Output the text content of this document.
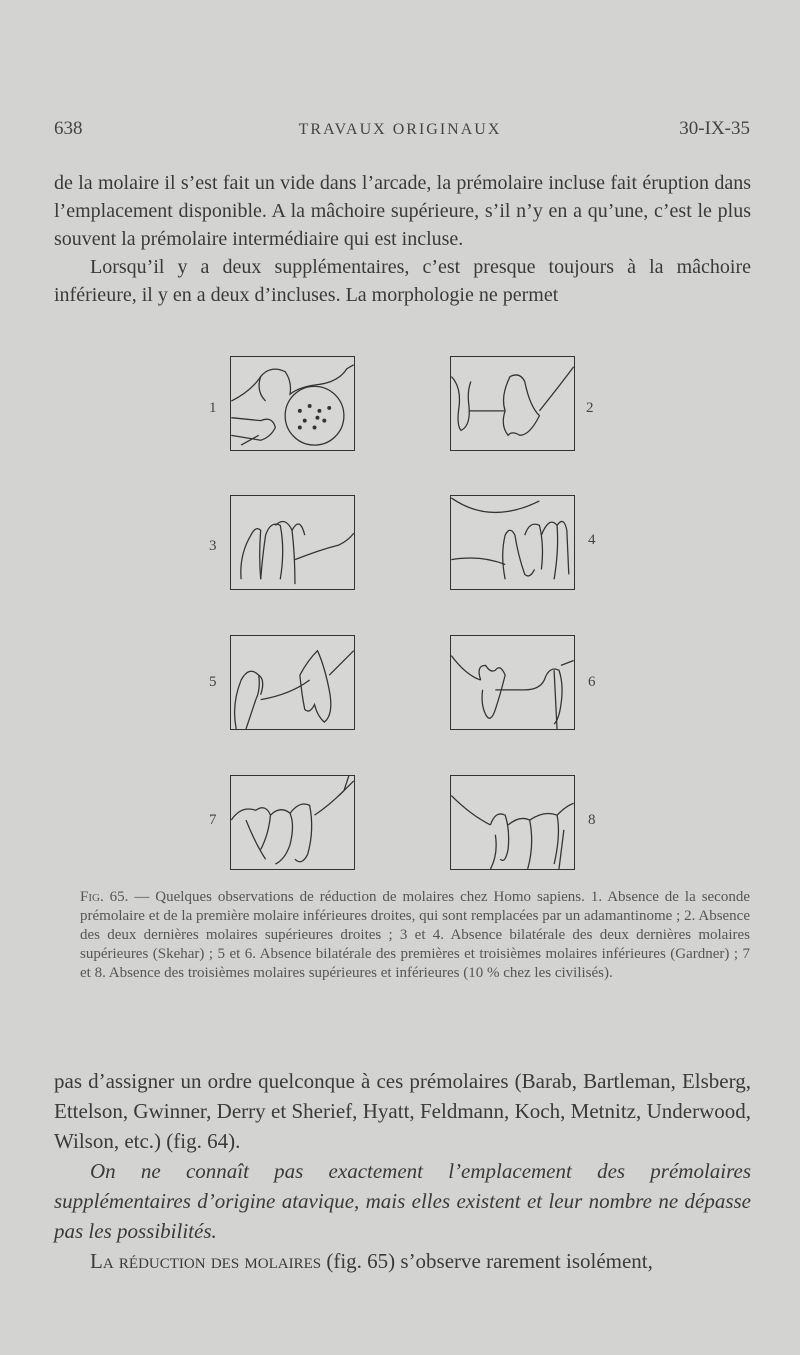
638	TRAVAUX ORIGINAUX	30-IX-35

de la molaire il s’est fait un vide dans l’arcade, la prémolaire incluse fait éruption dans l’emplacement disponible. A la mâchoire supérieure, s’il n’y en a qu’une, c’est le plus souvent la prémolaire intermédiaire qui est incluse.

Lorsqu’il y a deux supplémentaires, c’est presque toujours à la mâchoire inférieure, il y en a deux d’incluses. La morphologie ne permet

1	2
3	4
5	6
7	8
Fig. 65. — Quelques observations de réduction de molaires chez Homo sapiens. 1. Absence de la seconde prémolaire et de la première molaire inférieures droites, qui sont remplacées par un adamantinome ; 2. Absence des deux dernières molaires supérieures droites ; 3 et 4. Absence bilatérale des deux dernières molaires supérieures (Skehar) ; 5 et 6. Absence bilatérale des premières et troisièmes molaires inférieures (Gardner) ; 7 et 8. Absence des troisièmes molaires supérieures et inférieures (10 % chez les civilisés).

pas d’assigner un ordre quelconque à ces prémolaires (Barab, Bartleman, Elsberg, Ettelson, Gwinner, Derry et Sherief, Hyatt, Feldmann, Koch, Metnitz, Underwood, Wilson, etc.) (fig. 64).

On ne connaît pas exactement l’emplacement des prémolaires supplémentaires d’origine atavique, mais elles existent et leur nombre ne dépasse pas les possibilités.

La réduction des molaires (fig. 65) s’observe rarement isolément,
